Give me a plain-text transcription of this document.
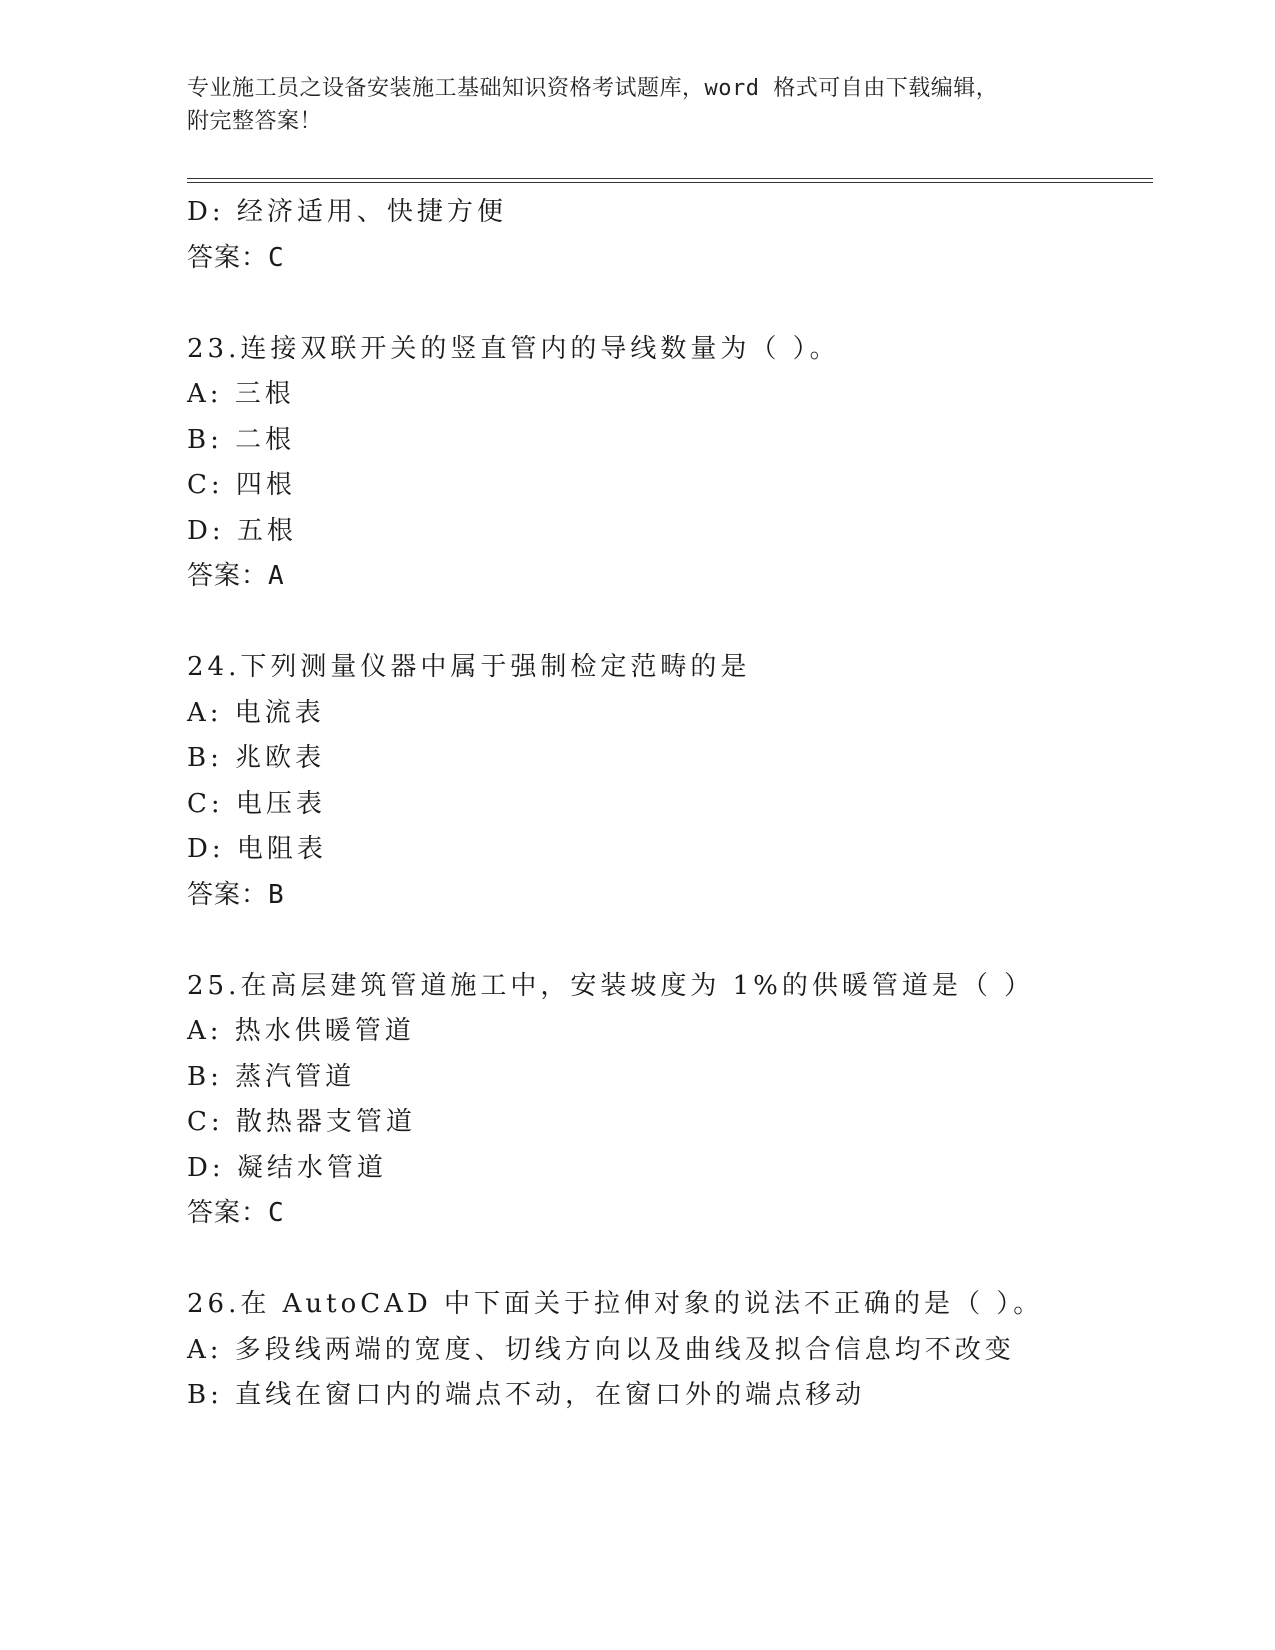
专业施工员之设备安装施工基础知识资格考试题库，word 格式可自由下载编辑，
附完整答案！
D: 经济适用、快捷方便
答案：C
23.连接双联开关的竖直管内的导线数量为（ ）。
A: 三根
B: 二根
C: 四根
D: 五根
答案：A
24.下列测量仪器中属于强制检定范畴的是
A: 电流表
B: 兆欧表
C: 电压表
D: 电阻表
答案：B
25.在高层建筑管道施工中，安装坡度为 1%的供暖管道是（ ）
A: 热水供暖管道
B: 蒸汽管道
C: 散热器支管道
D: 凝结水管道
答案：C
26.在 AutoCAD 中下面关于拉伸对象的说法不正确的是（ ）。
A: 多段线两端的宽度、切线方向以及曲线及拟合信息均不改变
B: 直线在窗口内的端点不动，在窗口外的端点移动
